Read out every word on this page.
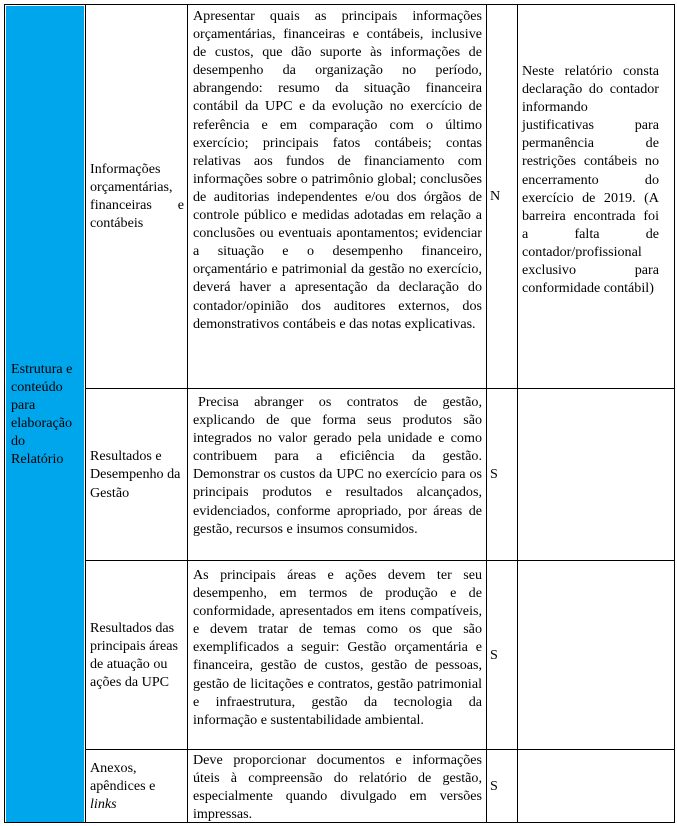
Estrutura e conteúdo para elaboração do Relatório
Informações orçamentárias, financeiras e contábeis
Apresentar quais as principais informações orçamentárias, financeiras e contábeis, inclusive de custos, que dão suporte às informações de desempenho da organização no período, abrangendo: resumo da situação financeira contábil da UPC e da evolução no exercício de referência e em comparação com o último exercício; principais fatos contábeis; contas relativas aos fundos de financiamento com informações sobre o patrimônio global; conclusões de auditorias independentes e/ou dos órgãos de controle público e medidas adotadas em relação a conclusões ou eventuais apontamentos; evidenciar a situação e o desempenho financeiro, orçamentário e patrimonial da gestão no exercício, deverá haver a apresentação da declaração do contador/opinião dos auditores externos, dos demonstrativos contábeis e das notas explicativas.
N
Neste relatório consta declaração do contador informando justificativas para permanência de restrições contábeis no encerramento do exercício de 2019. (A barreira encontrada foi a falta de contador/profissional exclusivo para conformidade contábil)
Resultados e Desempenho da Gestão
Precisa abranger os contratos de gestão, explicando de que forma seus produtos são integrados no valor gerado pela unidade e como contribuem para a eficiência da gestão. Demonstrar os custos da UPC no exercício para os principais produtos e resultados alcançados, evidenciados, conforme apropriado, por áreas de gestão, recursos e insumos consumidos.
S
Resultados das principais áreas de atuação ou ações da UPC
As principais áreas e ações devem ter seu desempenho, em termos de produção e de conformidade, apresentados em itens compatíveis, e devem tratar de temas como os que são exemplificados a seguir: Gestão orçamentária e financeira, gestão de custos, gestão de pessoas, gestão de licitações e contratos, gestão patrimonial e infraestrutura, gestão da tecnologia da informação e sustentabilidade ambiental.
S
Anexos, apêndices e links
Deve proporcionar documentos e informações úteis à compreensão do relatório de gestão, especialmente quando divulgado em versões impressas.
S
